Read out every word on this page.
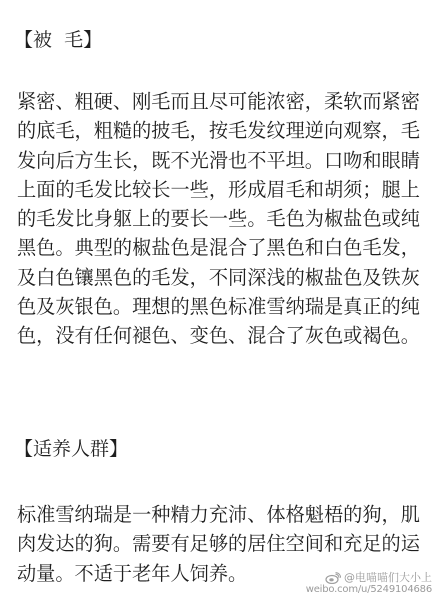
【被  毛】

紧密、粗硬、刚毛而且尽可能浓密，柔软而紧密的底毛，粗糙的披毛，按毛发纹理逆向观察，毛发向后方生长，既不光滑也不平坦。口吻和眼睛上面的毛发比较长一些，形成眉毛和胡须；腿上的毛发比身躯上的要长一些。毛色为椒盐色或纯黑色。典型的椒盐色是混合了黑色和白色毛发，及白色镶黑色的毛发，不同深浅的椒盐色及铁灰色及灰银色。理想的黑色标准雪纳瑞是真正的纯色，没有任何褪色、变色、混合了灰色或褐色。

【适养人群】

标准雪纳瑞是一种精力充沛、体格魁梧的狗，肌肉发达的狗。需要有足够的居住空间和充足的运动量。不适于老年人饲养。	@电喵喵们大小上
weibo.com/u/5249104686
